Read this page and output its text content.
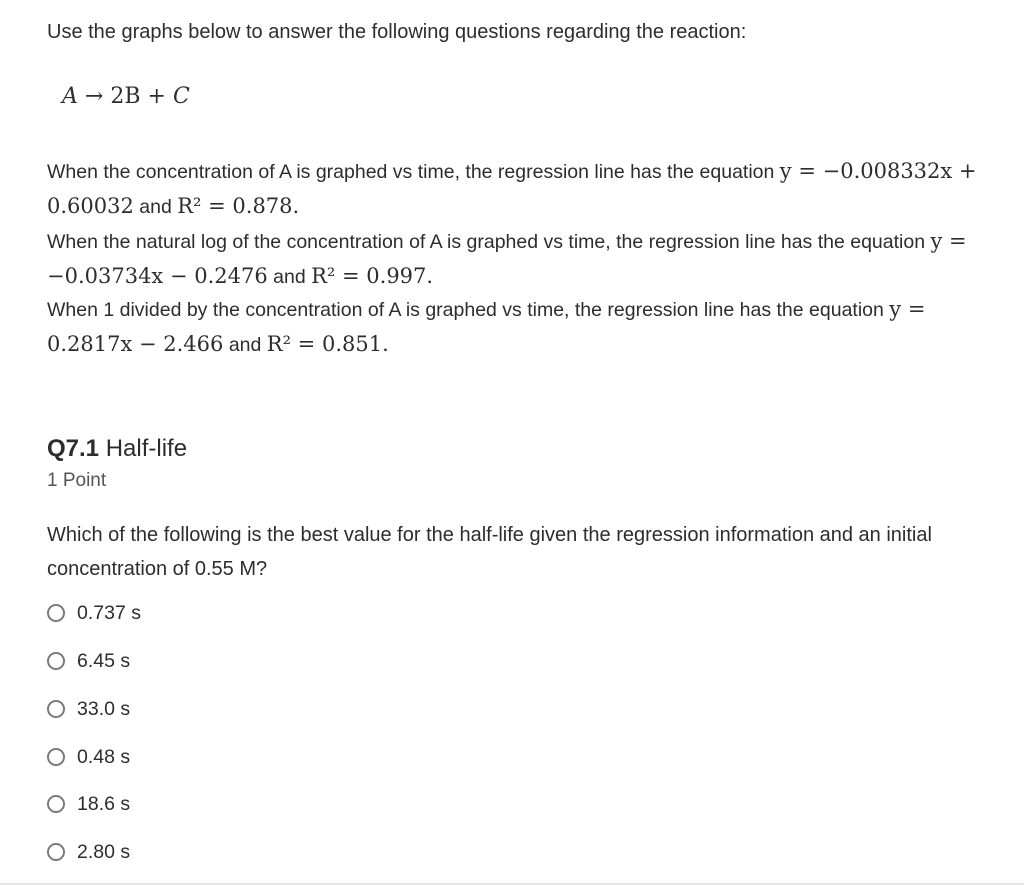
Use the graphs below to answer the following questions regarding the reaction:
A → 2B + C
When the concentration of A is graphed vs time, the regression line has the equation y = −0.008332x + 0.60032 and R² = 0.878.
When the natural log of the concentration of A is graphed vs time, the regression line has the equation y = −0.03734x − 0.2476 and R² = 0.997.
When 1 divided by the concentration of A is graphed vs time, the regression line has the equation y = 0.2817x − 2.466 and R² = 0.851.
Q7.1 Half-life
1 Point
Which of the following is the best value for the half-life given the regression information and an initial concentration of 0.55 M?
0.737 s
6.45 s
33.0 s
0.48 s
18.6 s
2.80 s
